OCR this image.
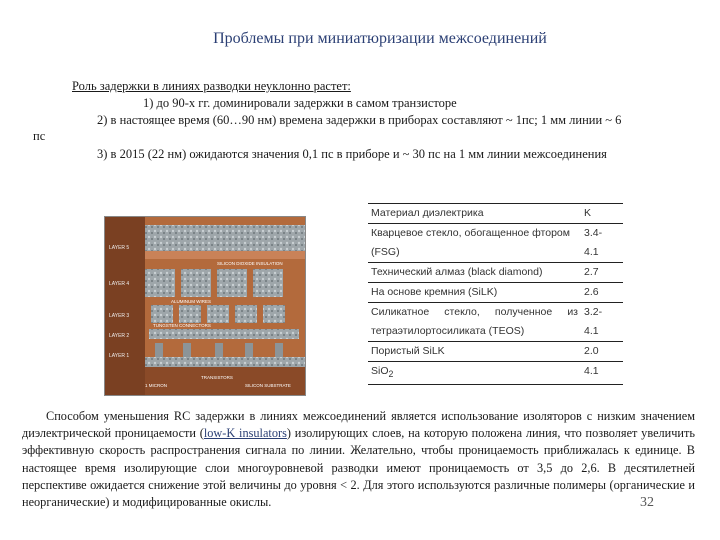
Проблемы при миниатюризации межсоединений
Роль задержки в линиях разводки неуклонно растет:
1) до 90-х гг. доминировали задержки в самом транзисторе
2) в настоящее время (60…90 нм) времена задержки в приборах составляют ~ 1пс; 1 мм линии ~ 6
пс
3) в 2015 (22 нм) ожидаются значения 0,1 пс в приборе и ~ 30 пс на 1 мм линии межсоединения
LAYER 5
LAYER 4
LAYER 3
LAYER 2
LAYER 1
SILICON DIOXIDE INSULATION
ALUMINUM WIRES
TUNGSTEN CONNECTORS
TRANSISTORS
1 MICRON	SILICON SUBSTRATE
Материал диэлектрика	K
Кварцевое стекло, обогащенное фтором	3.4-
(FSG)	4.1
Технический алмаз (black diamond)	2.7
На основе кремния (SiLK)	2.6

Силикатное стекло, полученное из 3.2-
тетраэтилортосиликата (TEOS)	4.1
Пористый SiLK	2.0
SiO$_2$	4.1
Способом уменьшения RC задержки в линиях межсоединений является использование изоляторов с низким значением диэлектрической проницаемости (low-K insulators) изолирующих слоев, на которую положена линия, что позволяет увеличить эффективную скорость распространения сигнала по линии. Желательно, чтобы проницаемость приближалась к единице. В настоящее время изолирующие слои многоуровневой разводки имеют проницаемость от 3,5 до 2,6. В десятилетней перспективе ожидается снижение этой величины до уровня < 2. Для этого используются различные полимеры (органические и неорганические) и модифицированные окислы.	32
